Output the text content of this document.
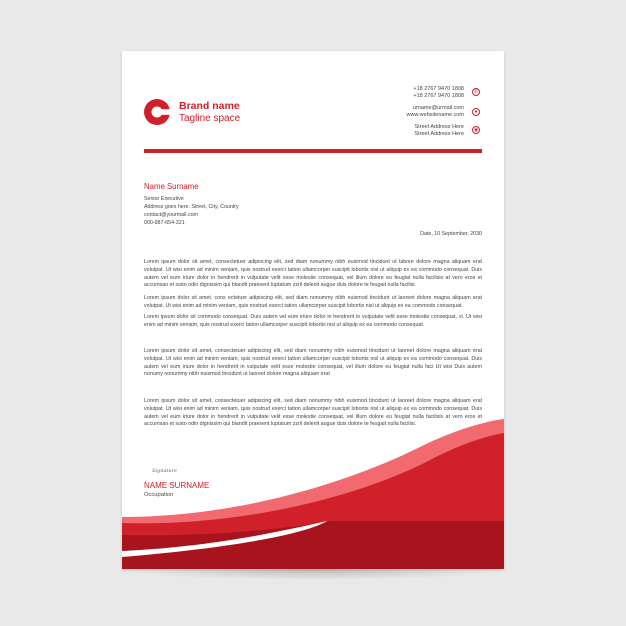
Brand name
Tagline space
+18 2767 9470 1808
+18 2767 9470 1808
✆
urname@urmail.com
www.websitename.com	●
Street Address Here
Street Address Here
◉
Name Surname
Senior Executive
Address goes here. Street, City, Country
contact@yourmail.com
000-987-654-321
Date, 10 September, 2030
Lorem ipsum dolor sit amet, consectetuer adipiscing elit, sed diam nonummy nibh euismod tincidunt ut labore dolore magna aliquam erat volutpat. Ut wisi enim ad minim veniam, quis nostrud exerci tation ullamcorper suscipit lobortis nisl ut aliquip ex ea commodo consequat. Duis autem vel eum iriure dolor in hendrerit in vulputate velit esse molestie consequat, vel illum dolore eu feugiat nulla facilisis at vero eros et accumsan et iusto odio dignissim qui blandit praesent luptatum zzril delenit augue duis dolore te feugait nulla facilisi.
Lorem ipsum dolor sit amet, cons ectetuer adipiscing elit, sed diam nonummy nibh euismod tincidunt ut laoreet dolore magna aliquam erat volutpat. Ut wisi enim ad minim veniam, quis nostrud exerci tation ullamcorper suscipit lobortis nisl ut aliquip ex ea commodo consequat.
Lorem ipsum dolor sit commodo consequat. Duis autem vel eum iriure dolor in hendrerit in vulputate velit esse molestie consequat, vi. Ut wisi enim ad minim veniam, quis nostrud exerci tation ullamcorper suscipit lobortis nisl ut aliquip ex ea commodo consequat.
Lorem ipsum dolor sit amet, consectetuer adipiscing elit, sed diam nonummy nibh euismod tincidunt ut laoreet dolore magna aliquam erat volutpat. Ut wisi enim ad minim veniam, quis nostrud exerci tation ullamcorper suscipit lobortis nisl ut aliquip ex ea commodo consequat. Duis autem vel eum iriure dolor in hendrerit in vulputate velit esse molestie consequat, vel illum dolore eu feugiat nulla faci Ut wisi Duis autem nonumy nonummy nibh euismod tincidunt ut laoreet dolore magna aliquam erat
Lorem ipsum dolor sit amet, consectetuer adipiscing elit, sed diam nonummy nibh euismod tincidunt ut laoreet dolore magna aliquam erat volutpat. Ut wisi enim ad minim veniam, quis nostrud exerci tation ullamcorper suscipit lobortis nisl ut aliquip ex ea commodo consequat. Duis autem vel eum iriure dolor in hendrerit in vulputate velit esse molestie consequat, vel illum dolore eu feugiat nulla facilisis at vero eros et accumsan et iusto odio dignissim qui blandit praesent luptatum zzril delenit augue duis dolore te feugait nulla facilisi.
Signature
NAME SURNAME
Occupation
